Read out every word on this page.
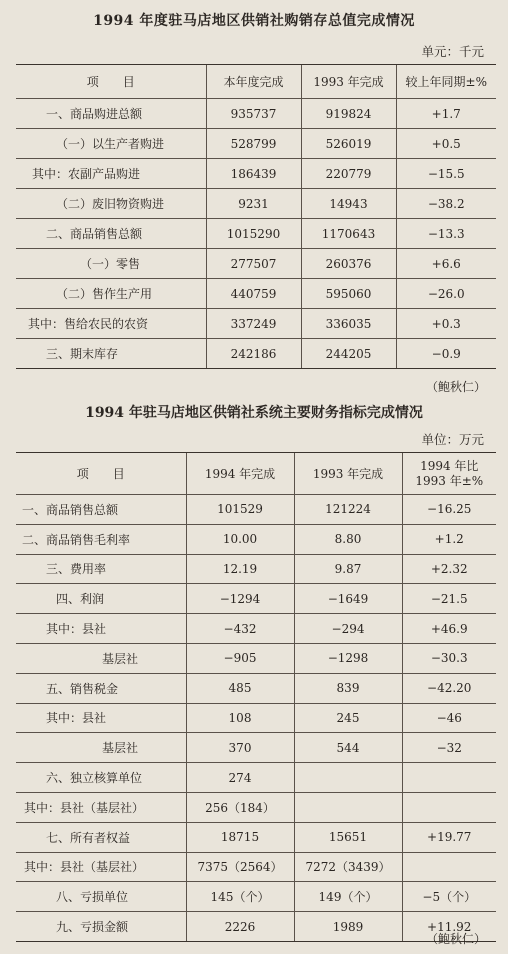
1994 年度驻马店地区供销社购销存总值完成情况
单元：千元
项　　目	本年度完成	1993 年完成	较上年同期±%
一、商品购进总额	935737	919824	+1.7
（一）以生产者购进	528799	526019	+0.5
其中：农副产品购进	186439	220779	−15.5
（二）废旧物资购进	9231	14943	−38.2
二、商品销售总额	1015290	1170643	−13.3
（一）零售	277507	260376	+6.6
（二）售作生产用	440759	595060	−26.0
其中：售给农民的农资	337249	336035	+0.3
三、期末库存	242186	244205	−0.9
（鲍秋仁）
1994 年驻马店地区供销社系统主要财务指标完成情况
单位：万元
项　　目	1994 年完成	1993 年完成	1994 年比
1993 年±%

一、商品销售总额	101529	121224	−16.25
二、商品销售毛利率	10.00	8.80	+1.2
三、费用率	12.19	9.87	+2.32
四、利润	−1294	−1649	−21.5
其中：县社	−432	−294	+46.9
基层社	−905	−1298	−30.3
五、销售税金	485	839	−42.20
其中：县社	108	245	−46
基层社	370	544	−32
六、独立核算单位	274		
其中：县社（基层社）	256（184）		
七、所有者权益	18715	15651	+19.77
其中：县社（基层社）	7375（2564）	7272（3439）	
八、亏损单位	145（个）	149（个）	−5（个）
九、亏损金额	2226	1989	+11.92
（鲍秋仁）
